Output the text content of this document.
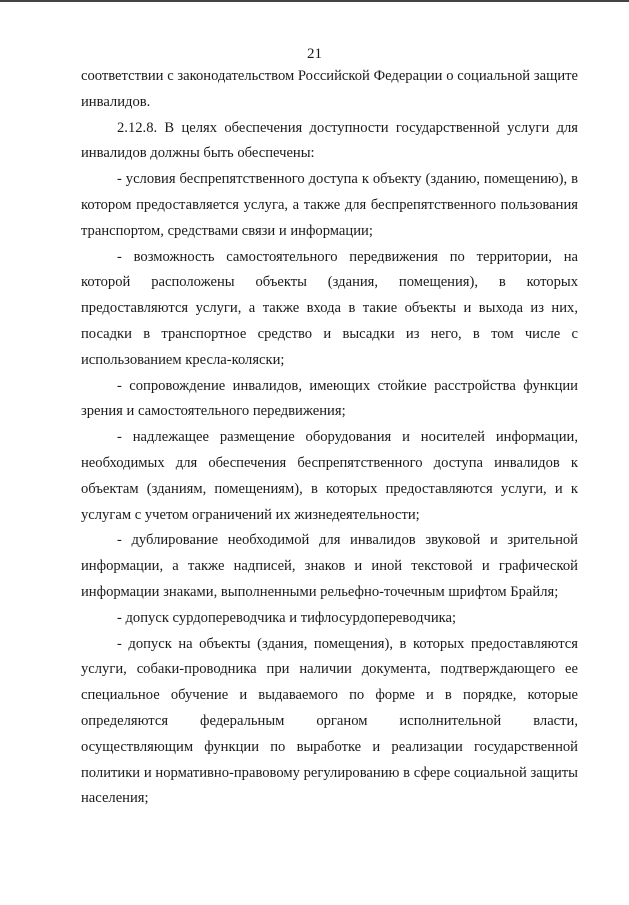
21

соответствии с законодательством Российской Федерации о социальной защите инвалидов.

2.12.8. В целях обеспечения доступности государственной услуги для инвалидов должны быть обеспечены:

- условия беспрепятственного доступа к объекту (зданию, помещению), в котором предоставляется услуга, а также для беспрепятственного пользования транспортом, средствами связи и информации;

- возможность самостоятельного передвижения по территории, на которой расположены объекты (здания, помещения), в которых предоставляются услуги, а также входа в такие объекты и выхода из них, посадки в транспортное средство и высадки из него, в том числе с использованием кресла-коляски;

- сопровождение инвалидов, имеющих стойкие расстройства функции зрения и самостоятельного передвижения;

- надлежащее размещение оборудования и носителей информации, необходимых для обеспечения беспрепятственного доступа инвалидов к объектам (зданиям, помещениям), в которых предоставляются услуги, и к услугам с учетом ограничений их жизнедеятельности;

- дублирование необходимой для инвалидов звуковой и зрительной информации, а также надписей, знаков и иной текстовой и графической информации знаками, выполненными рельефно-точечным шрифтом Брайля;

- допуск сурдопереводчика и тифлосурдопереводчика;

- допуск на объекты (здания, помещения), в которых предоставляются услуги, собаки-проводника при наличии документа, подтверждающего ее специальное обучение и выдаваемого по форме и в порядке, которые определяются федеральным органом исполнительной власти, осуществляющим функции по выработке и реализации государственной политики и нормативно-правовому регулированию в сфере социальной защиты населения;
